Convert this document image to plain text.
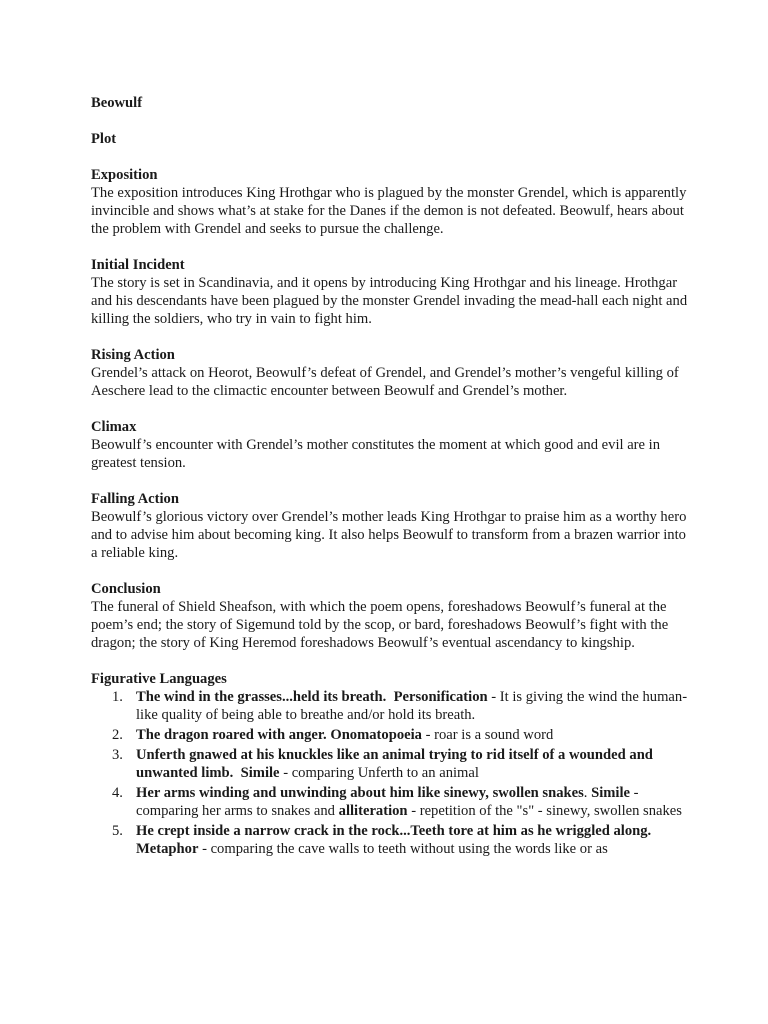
Beowulf
Plot
Exposition

The exposition introduces King Hrothgar who is plagued by the monster Grendel, which is apparently invincible and shows what’s at stake for the Danes if the demon is not defeated. Beowulf, hears about the problem with Grendel and seeks to pursue the challenge.

Initial Incident

The story is set in Scandinavia, and it opens by introducing King Hrothgar and his lineage. Hrothgar and his descendants have been plagued by the monster Grendel invading the mead-hall each night and killing the soldiers, who try in vain to fight him.

Rising Action

Grendel’s attack on Heorot, Beowulf’s defeat of Grendel, and Grendel’s mother’s vengeful killing of Aeschere lead to the climactic encounter between Beowulf and Grendel’s mother.

Climax

Beowulf’s encounter with Grendel’s mother constitutes the moment at which good and evil are in greatest tension.

Falling Action

Beowulf’s glorious victory over Grendel’s mother leads King Hrothgar to praise him as a worthy hero and to advise him about becoming king. It also helps Beowulf to transform from a brazen warrior into a reliable king.

Conclusion

The funeral of Shield Sheafson, with which the poem opens, foreshadows Beowulf’s funeral at the poem’s end; the story of Sigemund told by the scop, or bard, foreshadows Beowulf’s fight with the dragon; the story of King Heremod foreshadows Beowulf’s eventual ascendancy to kingship.

Figurative Languages
1. The wind in the grasses...held its breath. Personification - It is giving the wind the human-like quality of being able to breathe and/or hold its breath.
2. The dragon roared with anger. Onomatopoeia - roar is a sound word
3. Unferth gnawed at his knuckles like an animal trying to rid itself of a wounded and unwanted limb. Simile - comparing Unferth to an animal
4. Her arms winding and unwinding about him like sinewy, swollen snakes. Simile - comparing her arms to snakes and alliteration - repetition of the "s" - sinewy, swollen snakes
5. He crept inside a narrow crack in the rock...Teeth tore at him as he wriggled along. Metaphor - comparing the cave walls to teeth without using the words like or as
